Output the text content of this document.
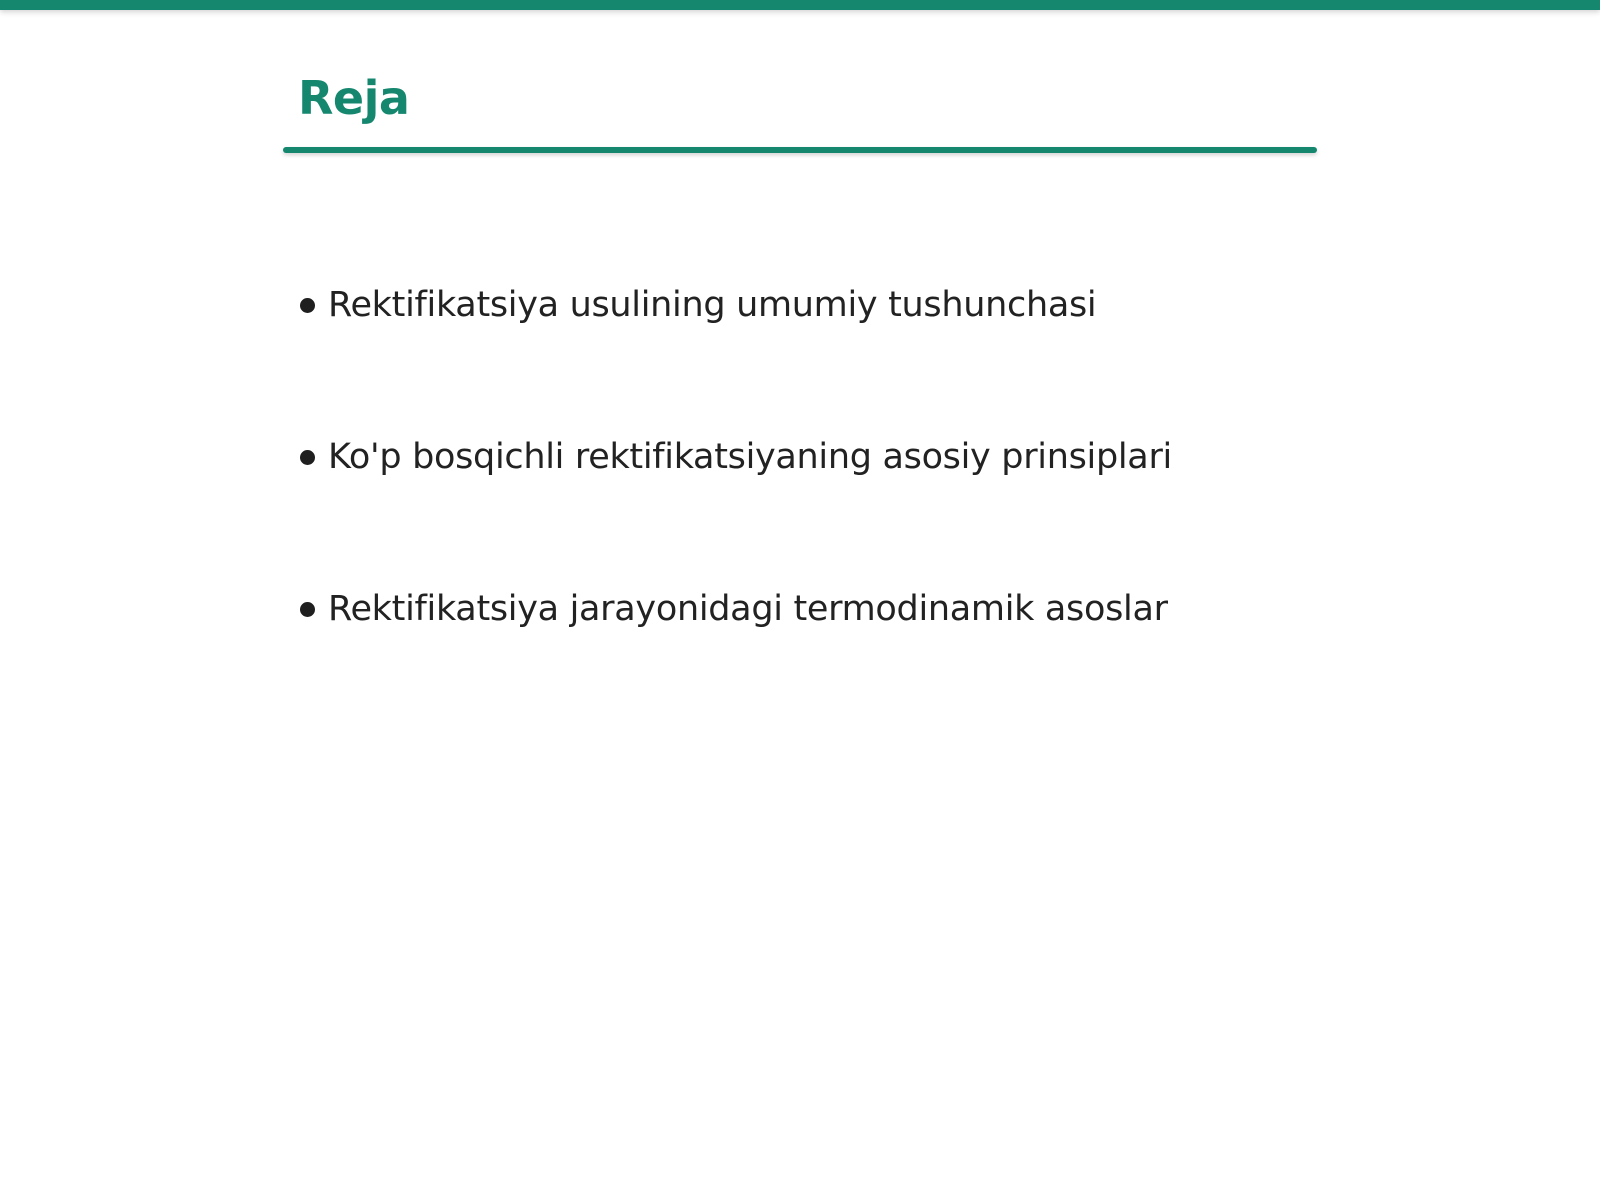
Reja
Rektifikatsiya usulining umumiy tushunchasi
Ko'p bosqichli rektifikatsiyaning asosiy prinsiplari
Rektifikatsiya jarayonidagi termodinamik asoslar
